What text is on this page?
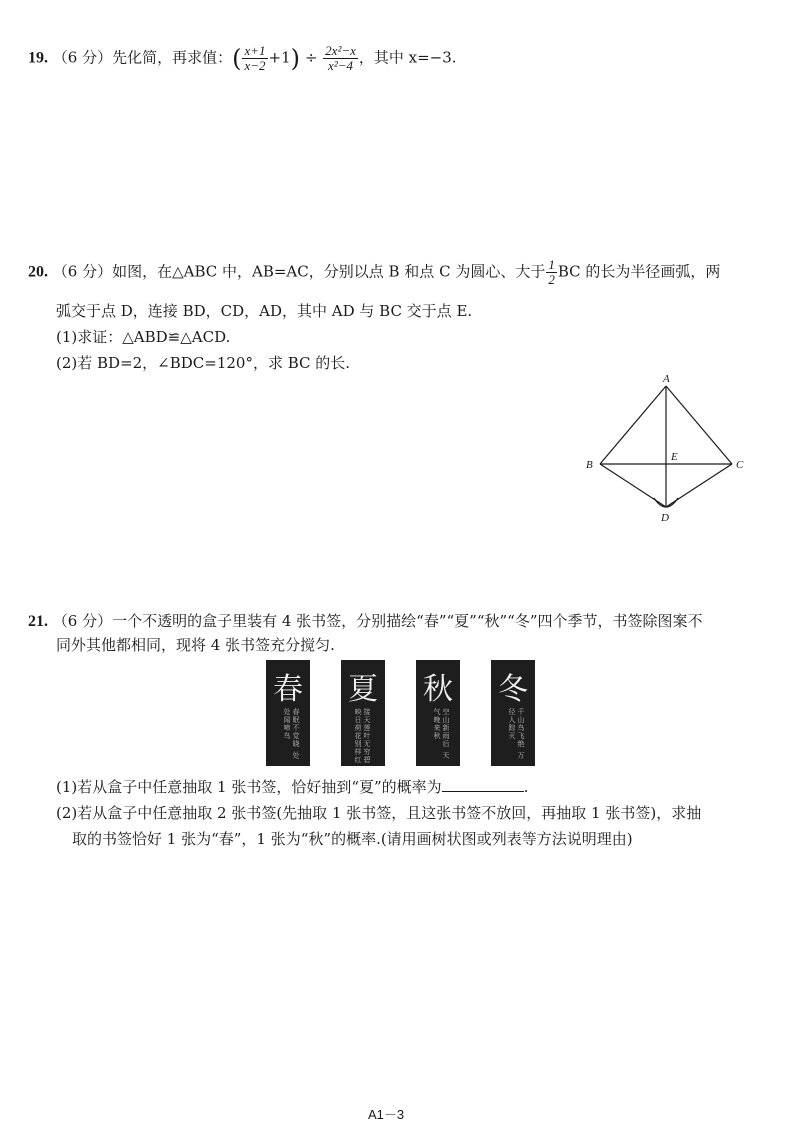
19. （6 分）先化简，再求值：( $\frac{x+1}{x-2} +1) \div \frac{\text{2x²−x}}{\text{x²−4}}$ ，其中 x=−3.
20. （6 分）如图，在△ABC 中，AB=AC，分别以点 B 和点 C 为圆心、大于 $\frac{1}{2}$ BC 的长为半径画弧，两
弧交于点 D，连接 BD，CD，AD，其中 AD 与 BC 交于点 E.
(1)求证：△ABD≌△ACD.
(2)若 BD=2，∠BDC=120°，求 BC 的长.
A
B	C
D
E
21. （6 分）一个不透明的盒子里装有 4 张书签，分别描绘“春”“夏”“秋”“冬”四个季节，书签除图案不
同外其他都相同，现将 4 张书签充分搅匀.
春
春眠不觉晓 处处闻啼鸟
夏
接天莲叶无穷碧 映日荷花别样红
秋
空山新雨后 天气晚来秋
冬
千山鸟飞绝 万径人踪灭
(1)若从盒子中任意抽取 1 张书签，恰好抽到“夏”的概率为	.
(2)若从盒子中任意抽取 2 张书签(先抽取 1 张书签，且这张书签不放回，再抽取 1 张书签)，求抽
取的书签恰好 1 张为“春”，1 张为“秋”的概率.(请用画树状图或列表等方法说明理由)
A1－3
